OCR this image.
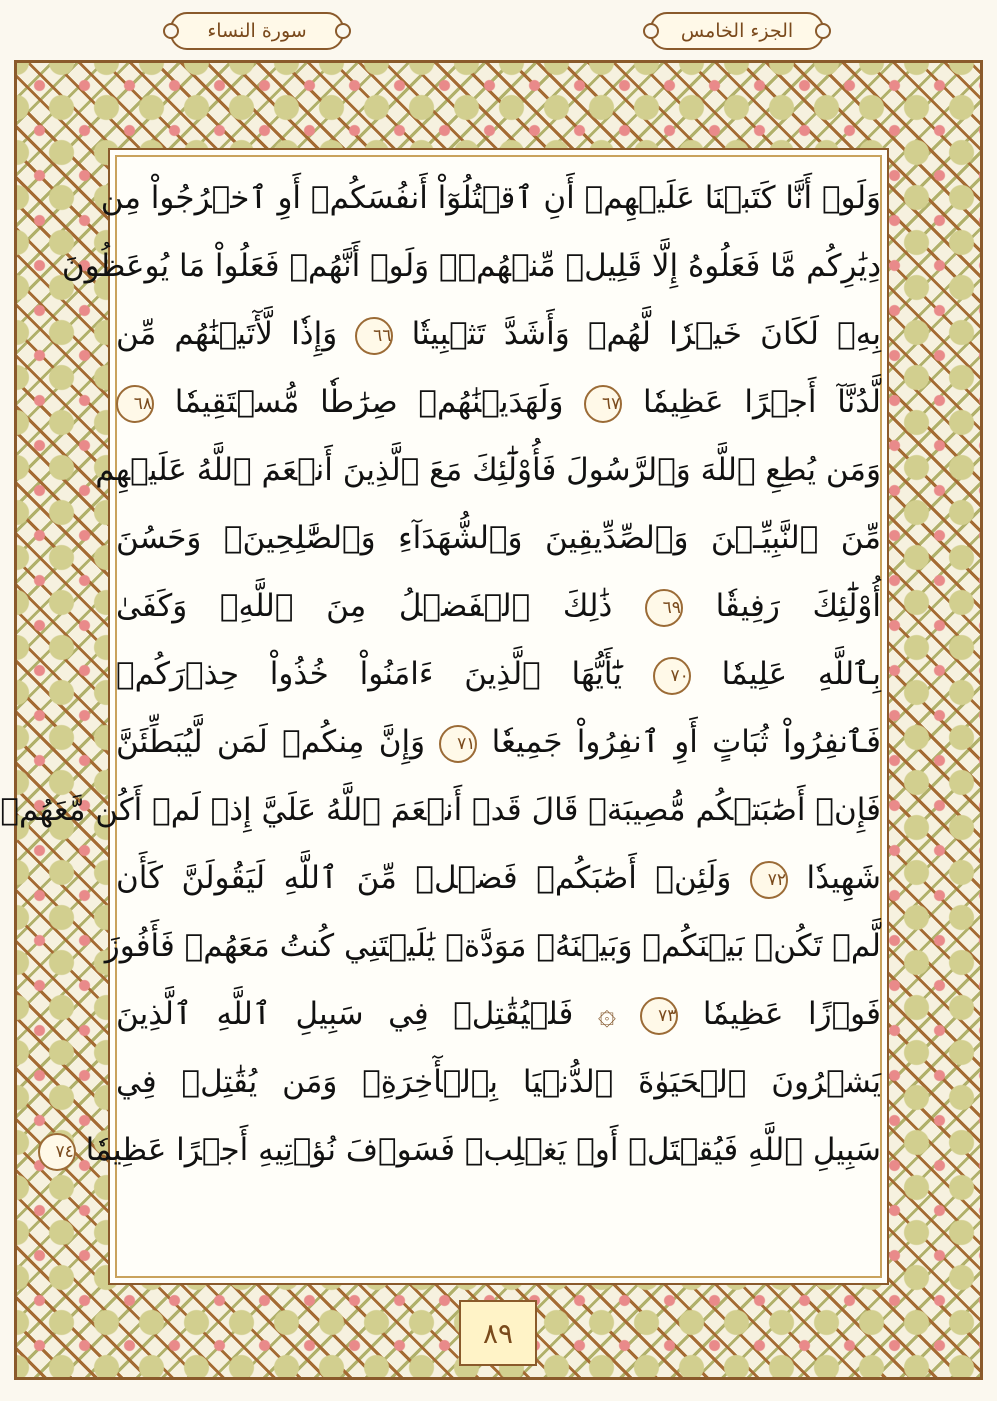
سورة النساء	الجزء الخامس
وَلَوۡ أَنَّا كَتَبۡنَا عَلَيۡهِمۡ أَنِ ٱقۡتُلُوٓاْ أَنفُسَكُمۡ أَوِ ٱخۡرُجُواْ مِن
دِيَٰرِكُم مَّا فَعَلُوهُ إِلَّا قَلِيلٞ مِّنۡهُمۡۖ وَلَوۡ أَنَّهُمۡ فَعَلُواْ مَا يُوعَظُونَ
بِهِۦ لَكَانَ خَيۡرٗا لَّهُمۡ وَأَشَدَّ تَثۡبِيتٗا ٦٦ وَإِذٗا لَّأٓتَيۡنَٰهُم مِّن
لَّدُنَّآ أَجۡرًا عَظِيمٗا ٦٧ وَلَهَدَيۡنَٰهُمۡ صِرَٰطٗا مُّسۡتَقِيمٗا ٦٨
وَمَن يُطِعِ ٱللَّهَ وَٱلرَّسُولَ فَأُوْلَٰٓئِكَ مَعَ ٱلَّذِينَ أَنۡعَمَ ٱللَّهُ عَلَيۡهِم
مِّنَ ٱلنَّبِيِّـۧنَ وَٱلصِّدِّيقِينَ وَٱلشُّهَدَآءِ وَٱلصَّٰلِحِينَۚ وَحَسُنَ
أُوْلَٰٓئِكَ رَفِيقٗا ٦٩ ذَٰلِكَ ٱلۡفَضۡلُ مِنَ ٱللَّهِۚ وَكَفَىٰ
بِٱللَّهِ عَلِيمٗا ٧٠ يَٰٓأَيُّهَا ٱلَّذِينَ ءَامَنُواْ خُذُواْ حِذۡرَكُمۡ
فَٱنفِرُواْ ثُبَاتٍ أَوِ ٱنفِرُواْ جَمِيعٗا ٧١ وَإِنَّ مِنكُمۡ لَمَن لَّيُبَطِّئَنَّ
فَإِنۡ أَصَٰبَتۡكُم مُّصِيبَةٞ قَالَ قَدۡ أَنۡعَمَ ٱللَّهُ عَلَيَّ إِذۡ لَمۡ أَكُن مَّعَهُمۡ
شَهِيدٗا ٧٢ وَلَئِنۡ أَصَٰبَكُمۡ فَضۡلٞ مِّنَ ٱللَّهِ لَيَقُولَنَّ كَأَن
لَّمۡ تَكُنۢ بَيۡنَكُمۡ وَبَيۡنَهُۥ مَوَدَّةٞ يَٰلَيۡتَنِي كُنتُ مَعَهُمۡ فَأَفُوزَ
فَوۡزًا عَظِيمٗا ٧٣ ۞ فَلۡيُقَٰتِلۡ فِي سَبِيلِ ٱللَّهِ ٱلَّذِينَ
يَشۡرُونَ ٱلۡحَيَوٰةَ ٱلدُّنۡيَا بِٱلۡأٓخِرَةِۚ وَمَن يُقَٰتِلۡ فِي
سَبِيلِ ٱللَّهِ فَيُقۡتَلۡ أَوۡ يَغۡلِبۡ فَسَوۡفَ نُؤۡتِيهِ أَجۡرًا عَظِيمٗا ٧٤
٨٩
